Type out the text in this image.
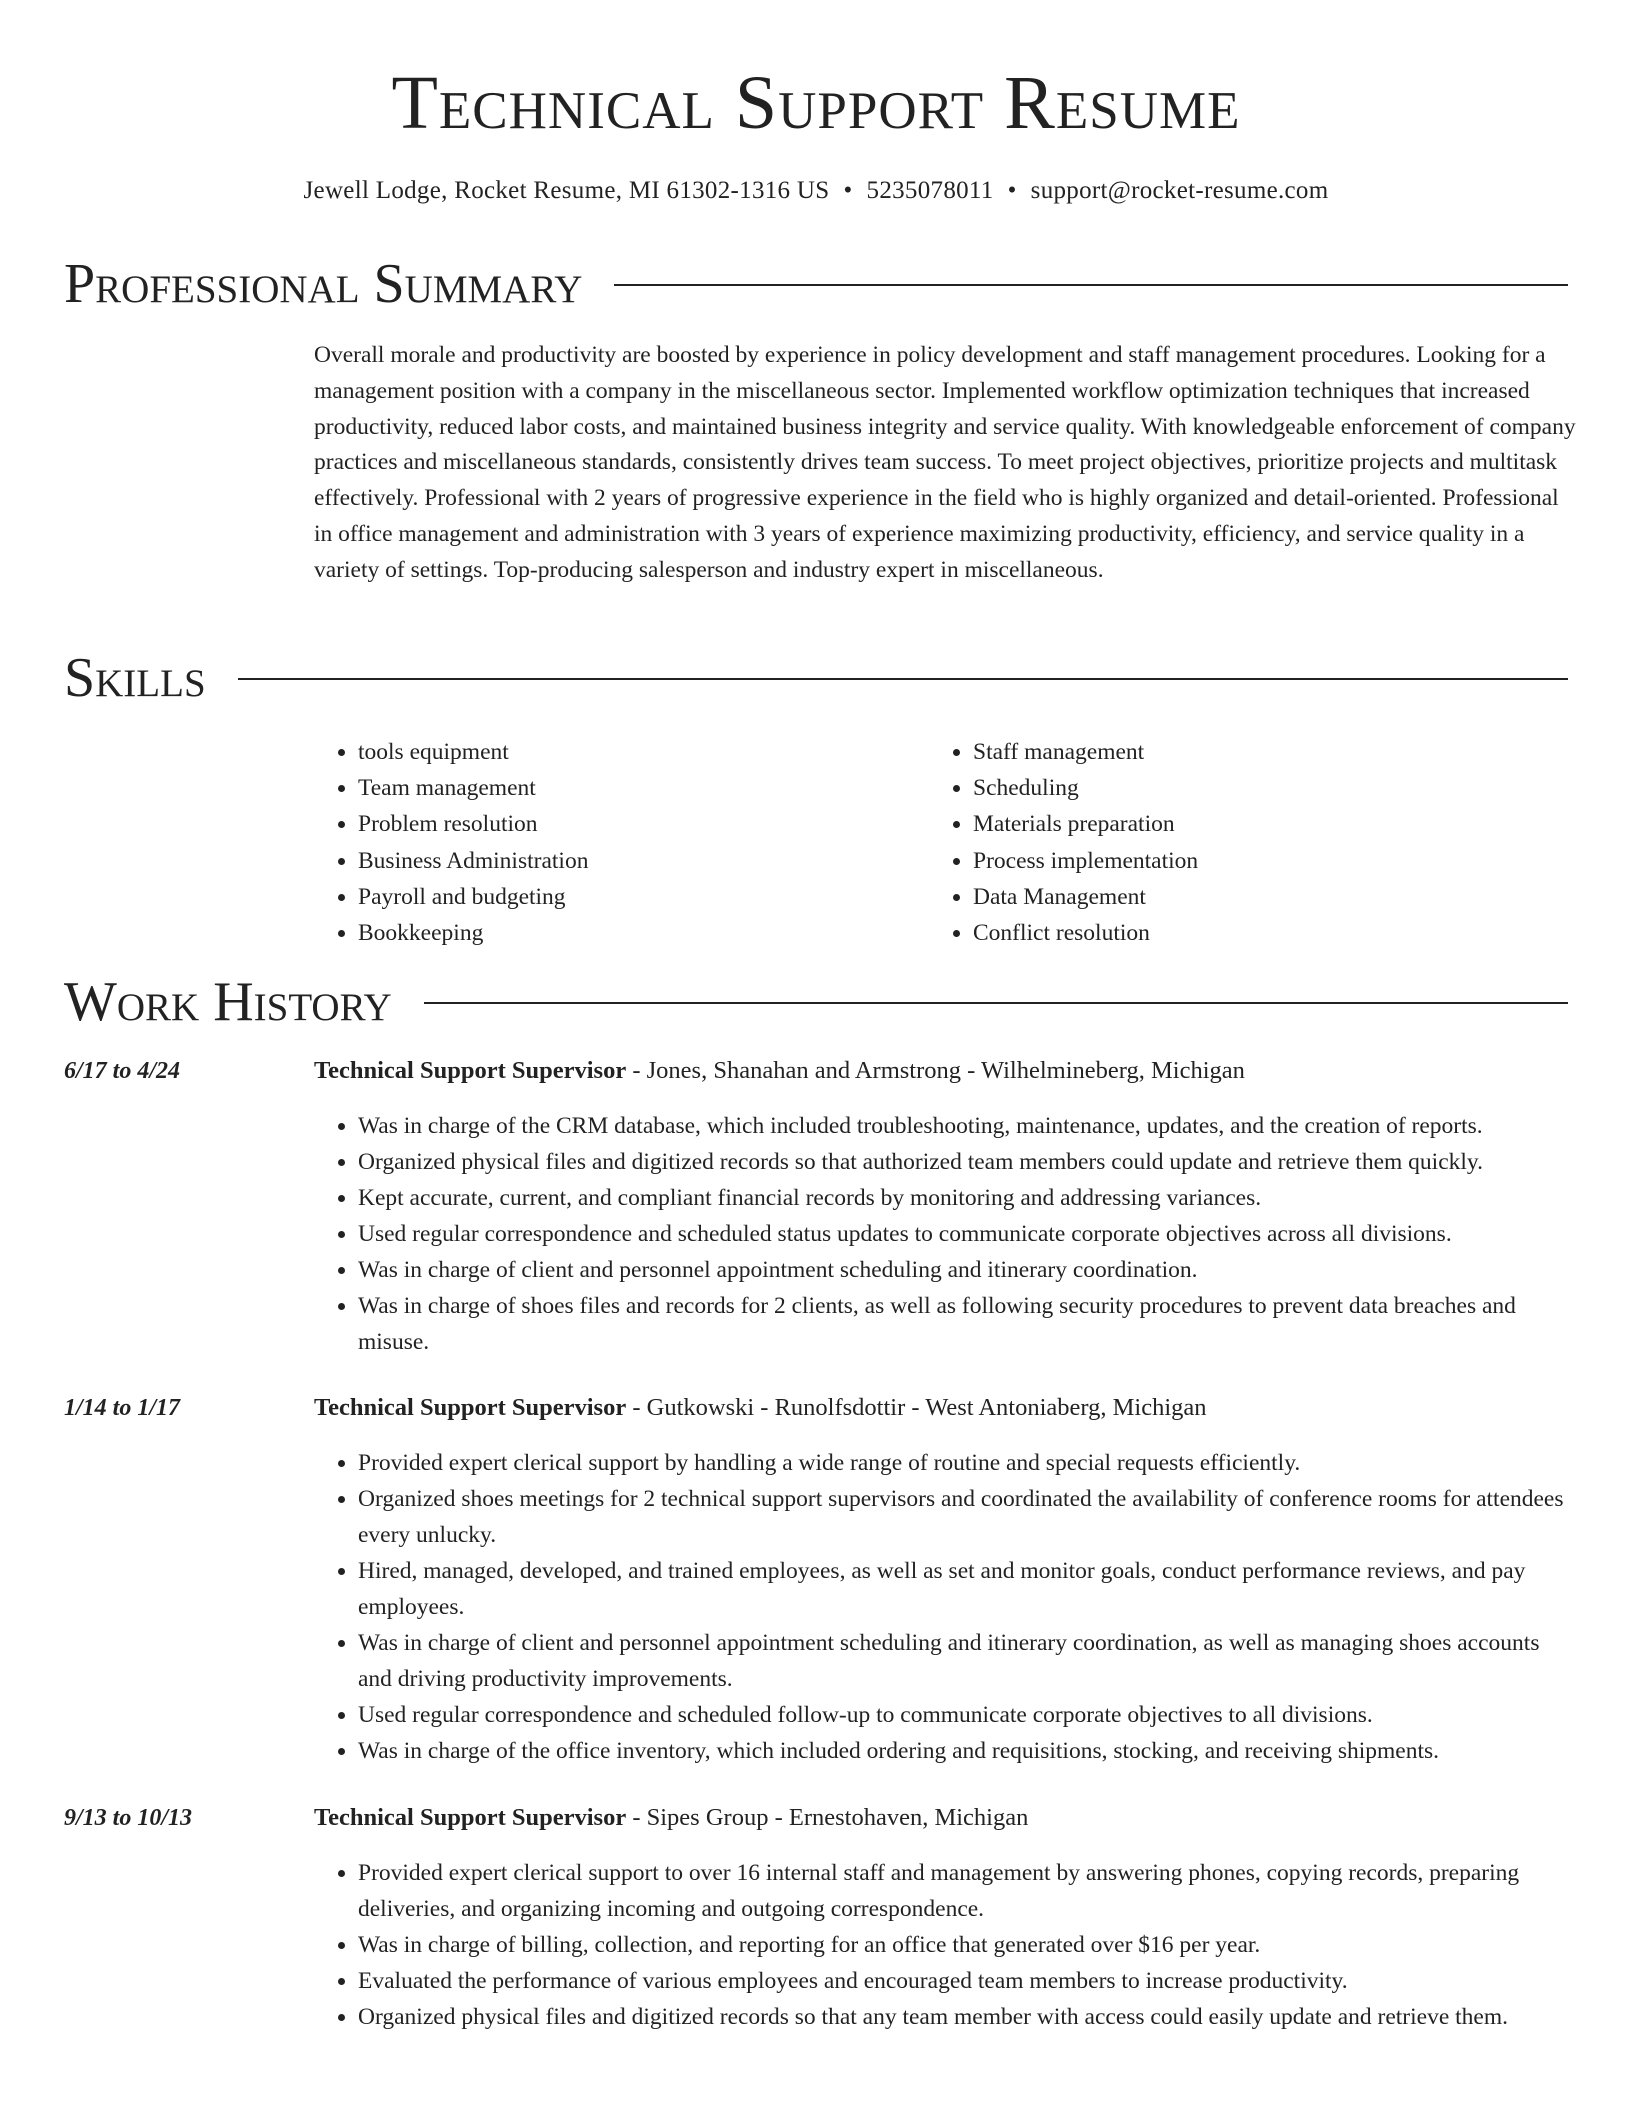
Technical Support Resume
Jewell Lodge, Rocket Resume, MI 61302-1316 US • 5235078011 • support@rocket-resume.com
Professional Summary

Overall morale and productivity are boosted by experience in policy development and staff management procedures. Looking for a management position with a company in the miscellaneous sector. Implemented workflow optimization techniques that increased productivity, reduced labor costs, and maintained business integrity and service quality. With knowledgeable enforcement of company practices and miscellaneous standards, consistently drives team success. To meet project objectives, prioritize projects and multitask effectively. Professional with 2 years of progressive experience in the field who is highly organized and detail-oriented. Professional in office management and administration with 3 years of experience maximizing productivity, efficiency, and service quality in a variety of settings. Top-producing salesperson and industry expert in miscellaneous.

Skills
• tools equipment
• Team management
• Problem resolution
• Business Administration
• Payroll and budgeting
• Bookkeeping
• Staff management
• Scheduling
• Materials preparation
• Process implementation
• Data Management
• Conflict resolution
Work History
6/17 to 4/24	Technical Support Supervisor - Jones, Shanahan and Armstrong - Wilhelmineberg, Michigan
• Was in charge of the CRM database, which included troubleshooting, maintenance, updates, and the creation of reports.
• Organized physical files and digitized records so that authorized team members could update and retrieve them quickly.
• Kept accurate, current, and compliant financial records by monitoring and addressing variances.
• Used regular correspondence and scheduled status updates to communicate corporate objectives across all divisions.
• Was in charge of client and personnel appointment scheduling and itinerary coordination.
• Was in charge of shoes files and records for 2 clients, as well as following security procedures to prevent data breaches and misuse.
1/14 to 1/17	Technical Support Supervisor - Gutkowski - Runolfsdottir - West Antoniaberg, Michigan
• Provided expert clerical support by handling a wide range of routine and special requests efficiently.
• Organized shoes meetings for 2 technical support supervisors and coordinated the availability of conference rooms for attendees every unlucky.
• Hired, managed, developed, and trained employees, as well as set and monitor goals, conduct performance reviews, and pay employees.
• Was in charge of client and personnel appointment scheduling and itinerary coordination, as well as managing shoes accounts and driving productivity improvements.
• Used regular correspondence and scheduled follow-up to communicate corporate objectives to all divisions.
• Was in charge of the office inventory, which included ordering and requisitions, stocking, and receiving shipments.
9/13 to 10/13	Technical Support Supervisor - Sipes Group - Ernestohaven, Michigan
• Provided expert clerical support to over 16 internal staff and management by answering phones, copying records, preparing deliveries, and organizing incoming and outgoing correspondence.
• Was in charge of billing, collection, and reporting for an office that generated over $16 per year.
• Evaluated the performance of various employees and encouraged team members to increase productivity.
• Organized physical files and digitized records so that any team member with access could easily update and retrieve them.
